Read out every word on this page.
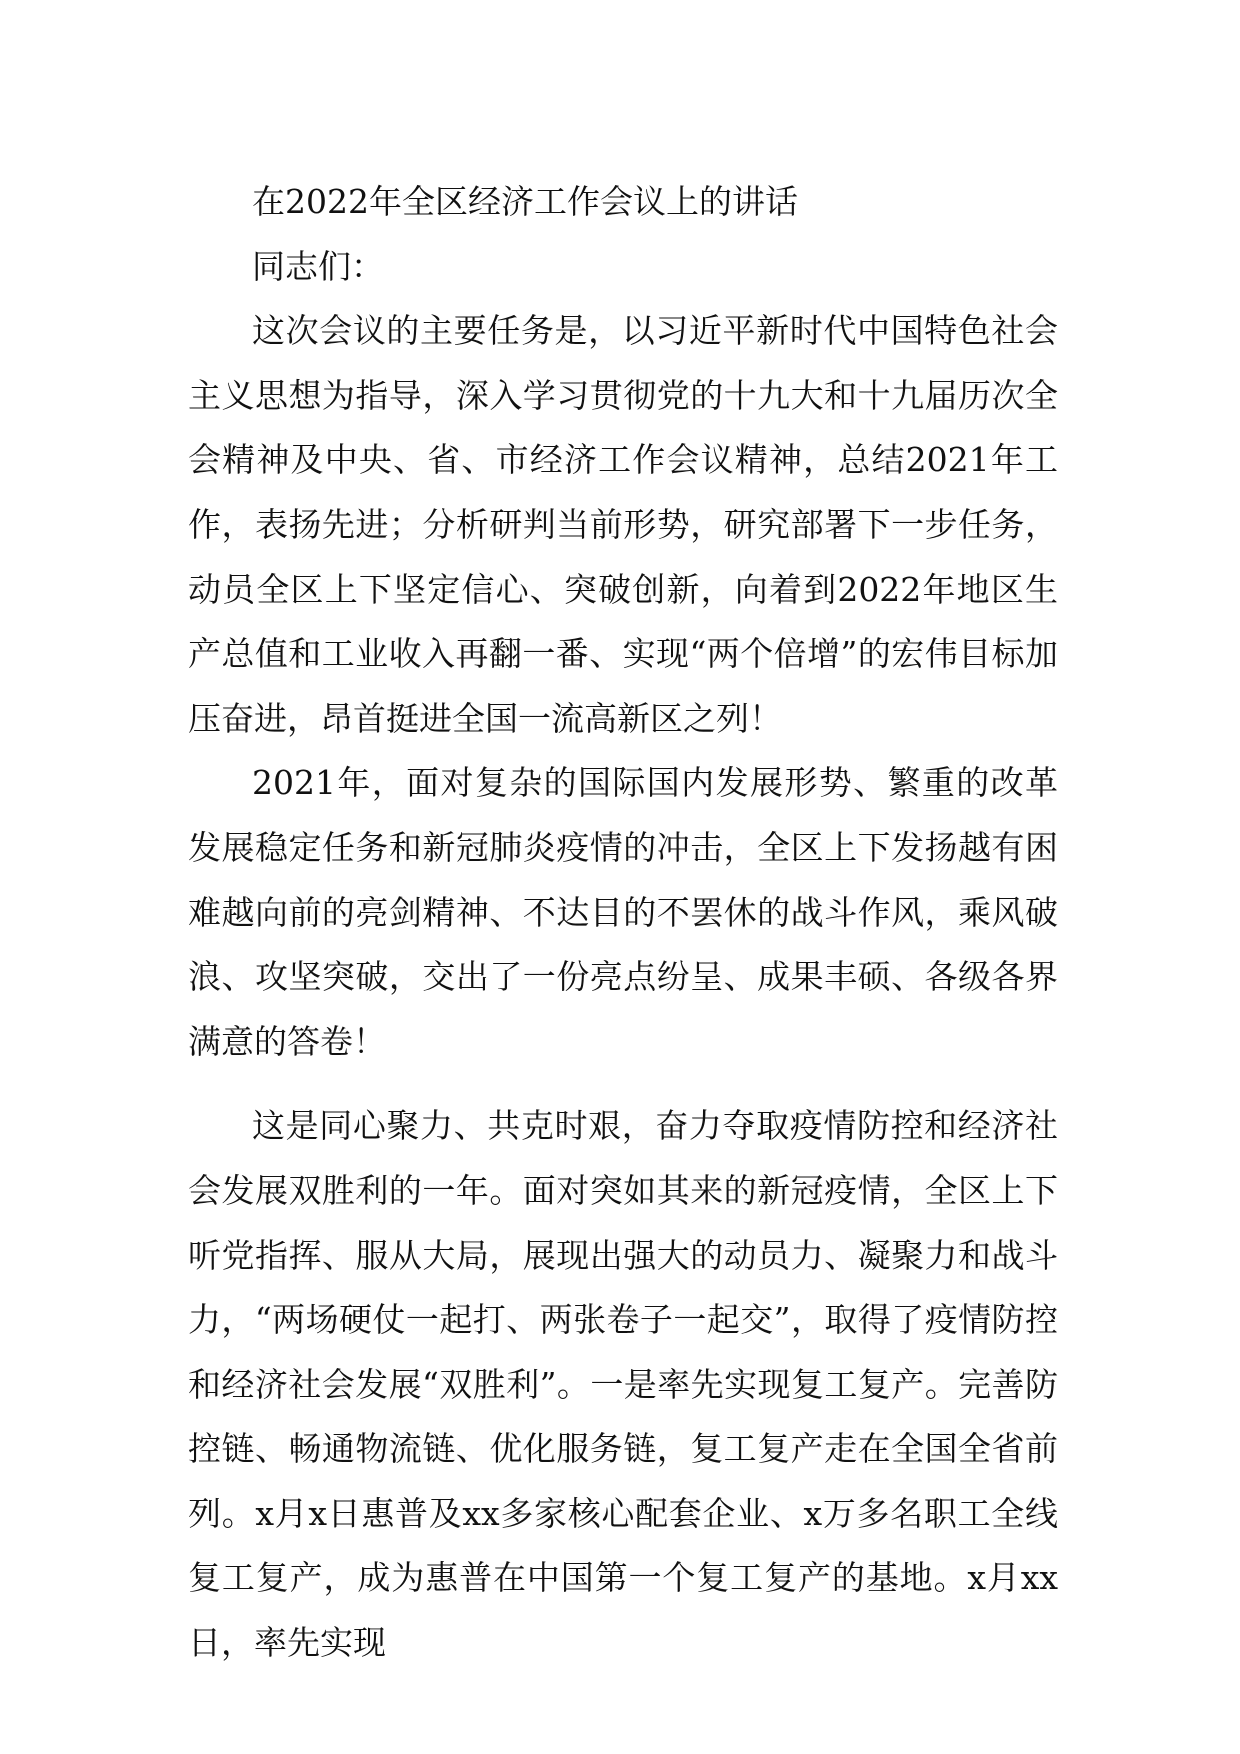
在2022年全区经济工作会议上的讲话

同志们：

这次会议的主要任务是，以习近平新时代中国特色社会主义思想为指导，深入学习贯彻党的十九大和十九届历次全会精神及中央、省、市经济工作会议精神，总结2021年工作，表扬先进；分析研判当前形势，研究部署下一步任务，动员全区上下坚定信心、突破创新，向着到2022年地区生产总值和工业收入再翻一番、实现“两个倍增”的宏伟目标加压奋进，昂首挺进全国一流高新区之列！

2021年，面对复杂的国际国内发展形势、繁重的改革发展稳定任务和新冠肺炎疫情的冲击，全区上下发扬越有困难越向前的亮剑精神、不达目的不罢休的战斗作风，乘风破浪、攻坚突破，交出了一份亮点纷呈、成果丰硕、各级各界满意的答卷！

这是同心聚力、共克时艰，奋力夺取疫情防控和经济社会发展双胜利的一年。面对突如其来的新冠疫情，全区上下听党指挥、服从大局，展现出强大的动员力、凝聚力和战斗力，“两场硬仗一起打、两张卷子一起交”，取得了疫情防控和经济社会发展“双胜利”。一是率先实现复工复产。完善防控链、畅通物流链、优化服务链，复工复产走在全国全省前列。x月x日惠普及xx多家核心配套企业、x万多名职工全线复工复产，成为惠普在中国第一个复工复产的基地。x月xx日，率先实现
